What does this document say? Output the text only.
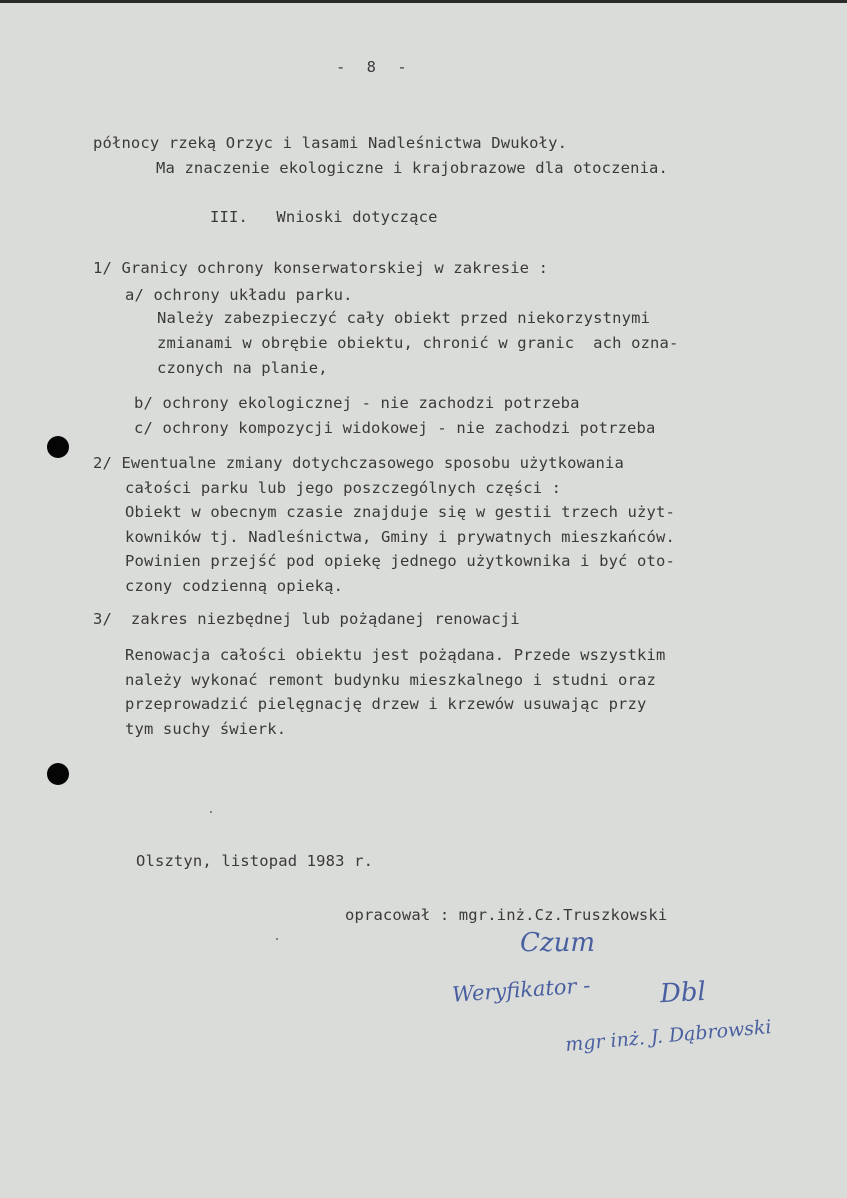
- 8 -
północy rzeką Orzyc i lasami Nadleśnictwa Dwukoły.
Ma znaczenie ekologiczne i krajobrazowe dla otoczenia.
III.   Wnioski dotyczące
1/ Granicy ochrony konserwatorskiej w zakresie :
a/ ochrony układu parku.
Należy zabezpieczyć cały obiekt przed niekorzystnymi
zmianami w obrębie obiektu, chronić w granic  ach ozna-
czonych na planie,
b/ ochrony ekologicznej - nie zachodzi potrzeba
c/ ochrony kompozycji widokowej - nie zachodzi potrzeba
2/ Ewentualne zmiany dotychczasowego sposobu użytkowania
całości parku lub jego poszczególnych części :
Obiekt w obecnym czasie znajduje się w gestii trzech użyt-
kowników tj. Nadleśnictwa, Gminy i prywatnych mieszkańców.
Powinien przejść pod opiekę jednego użytkownika i być oto-
czony codzienną opieką.
3/  zakres niezbędnej lub pożądanej renowacji
Renowacja całości obiektu jest pożądana. Przede wszystkim
należy wykonać remont budynku mieszkalnego i studni oraz
przeprowadzić pielęgnację drzew i krzewów usuwając przy
tym suchy świerk.
Olsztyn, listopad 1983 r.
opracował : mgr.inż.Cz.Truszkowski
Czum
Weryfikator -	Dbl
mgr inż. J. Dąbrowski
